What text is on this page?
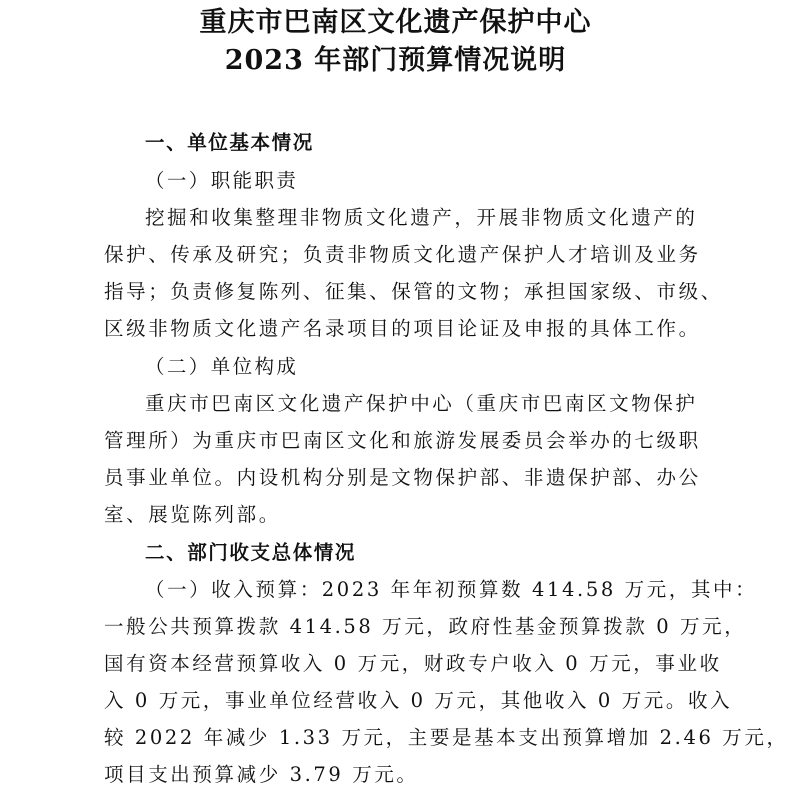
重庆市巴南区文化遗产保护中心
2023 年部门预算情况说明

一、单位基本情况

（一）职能职责

挖掘和收集整理非物质文化遗产，开展非物质文化遗产的

保护、传承及研究；负责非物质文化遗产保护人才培训及业务

指导；负责修复陈列、征集、保管的文物；承担国家级、市级、

区级非物质文化遗产名录项目的项目论证及申报的具体工作。

（二）单位构成

重庆市巴南区文化遗产保护中心（重庆市巴南区文物保护

管理所）为重庆市巴南区文化和旅游发展委员会举办的七级职

员事业单位。内设机构分别是文物保护部、非遗保护部、办公

室、展览陈列部。

二、部门收支总体情况

（一）收入预算：2023 年年初预算数 414.58 万元，其中：

一般公共预算拨款 414.58 万元，政府性基金预算拨款 0 万元，

国有资本经营预算收入 0 万元，财政专户收入 0 万元，事业收

入 0 万元，事业单位经营收入 0 万元，其他收入 0 万元。收入

较 2022 年减少 1.33 万元，主要是基本支出预算增加 2.46 万元，

项目支出预算减少 3.79 万元。
